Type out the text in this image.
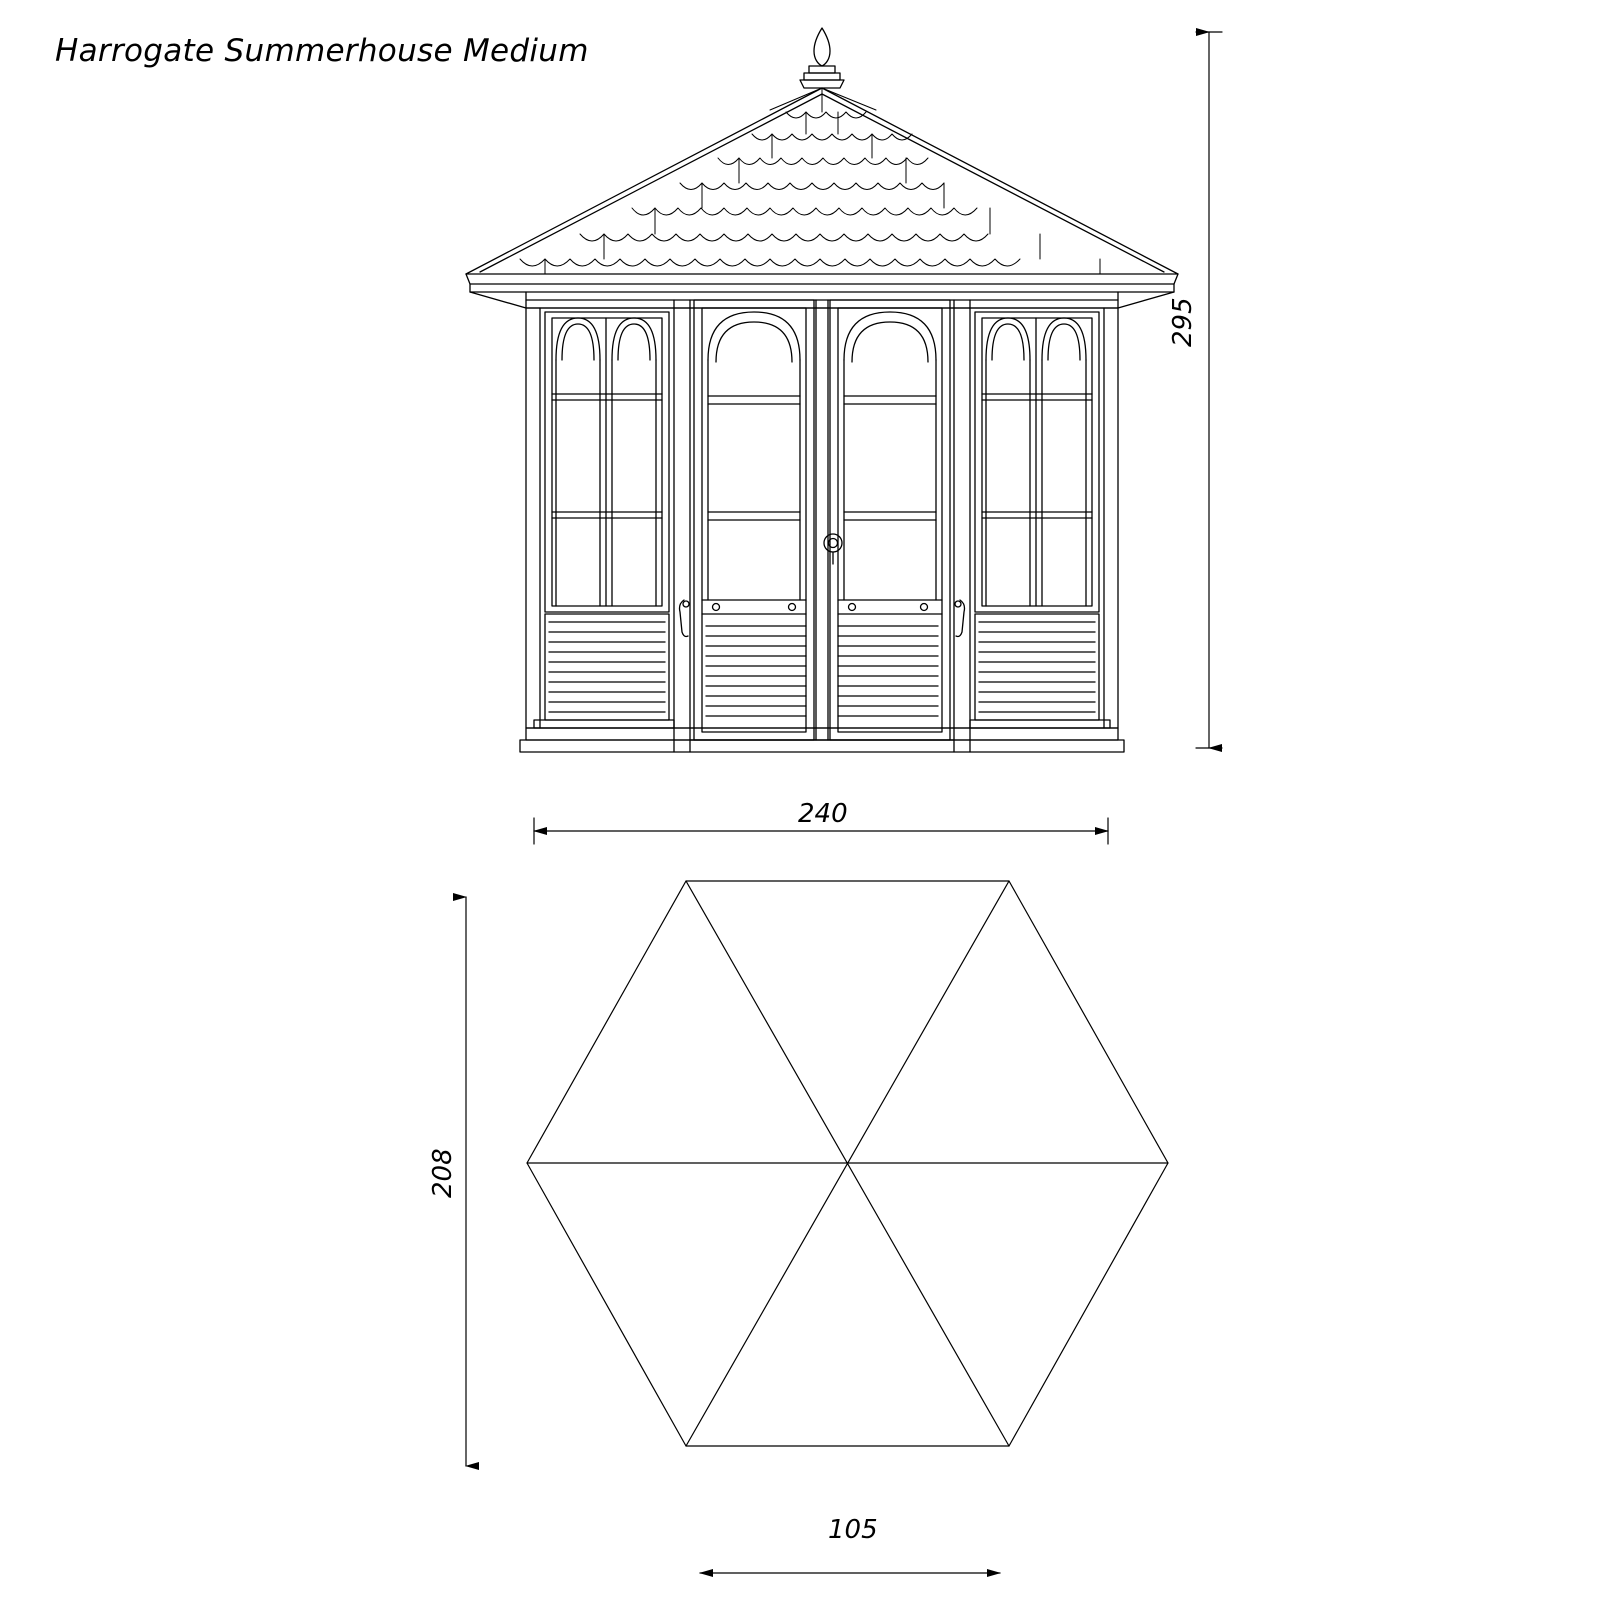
Harrogate Summerhouse Medium
295
240
208
105
